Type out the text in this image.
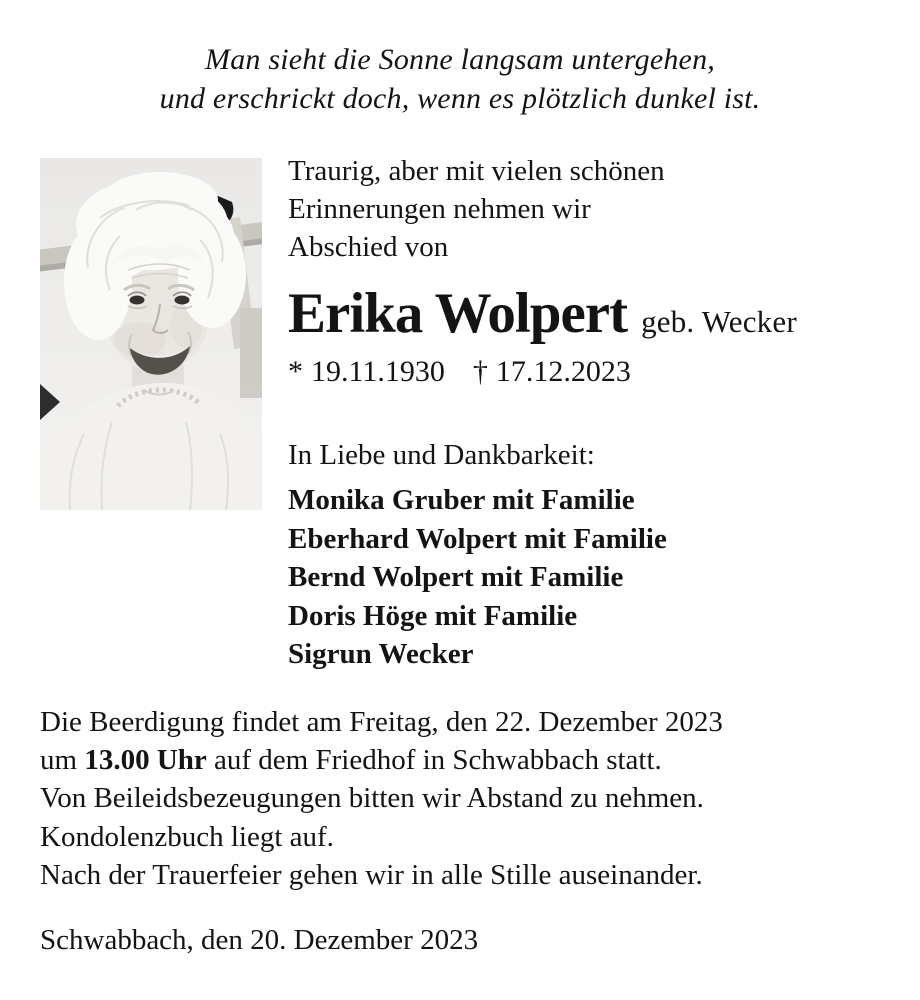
Man sieht die Sonne langsam untergehen,
und erschrickt doch, wenn es plötzlich dunkel ist.
Traurig, aber mit vielen schönen
Erinnerungen nehmen wir
Abschied von
Erika Wolpert geb. Wecker
* 19.11.1930 † 17.12.2023
In Liebe und Dankbarkeit:
Monika Gruber mit Familie
Eberhard Wolpert mit Familie
Bernd Wolpert mit Familie
Doris Höge mit Familie
Sigrun Wecker
Die Beerdigung findet am Freitag, den 22. Dezember 2023
um 13.00 Uhr auf dem Friedhof in Schwabbach statt.
Von Beileidsbezeugungen bitten wir Abstand zu nehmen.
Kondolenzbuch liegt auf.
Nach der Trauerfeier gehen wir in alle Stille auseinander.
Schwabbach, den 20. Dezember 2023
